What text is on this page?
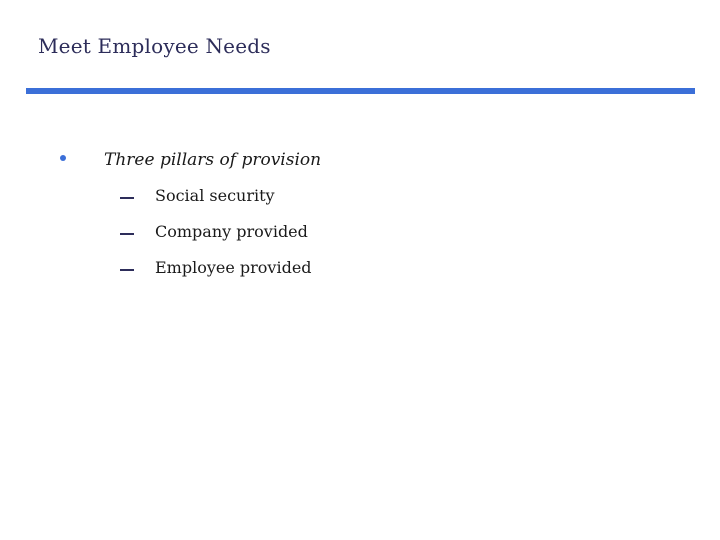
Meet Employee Needs
Three pillars of provision
Social security
Company provided
Employee provided
